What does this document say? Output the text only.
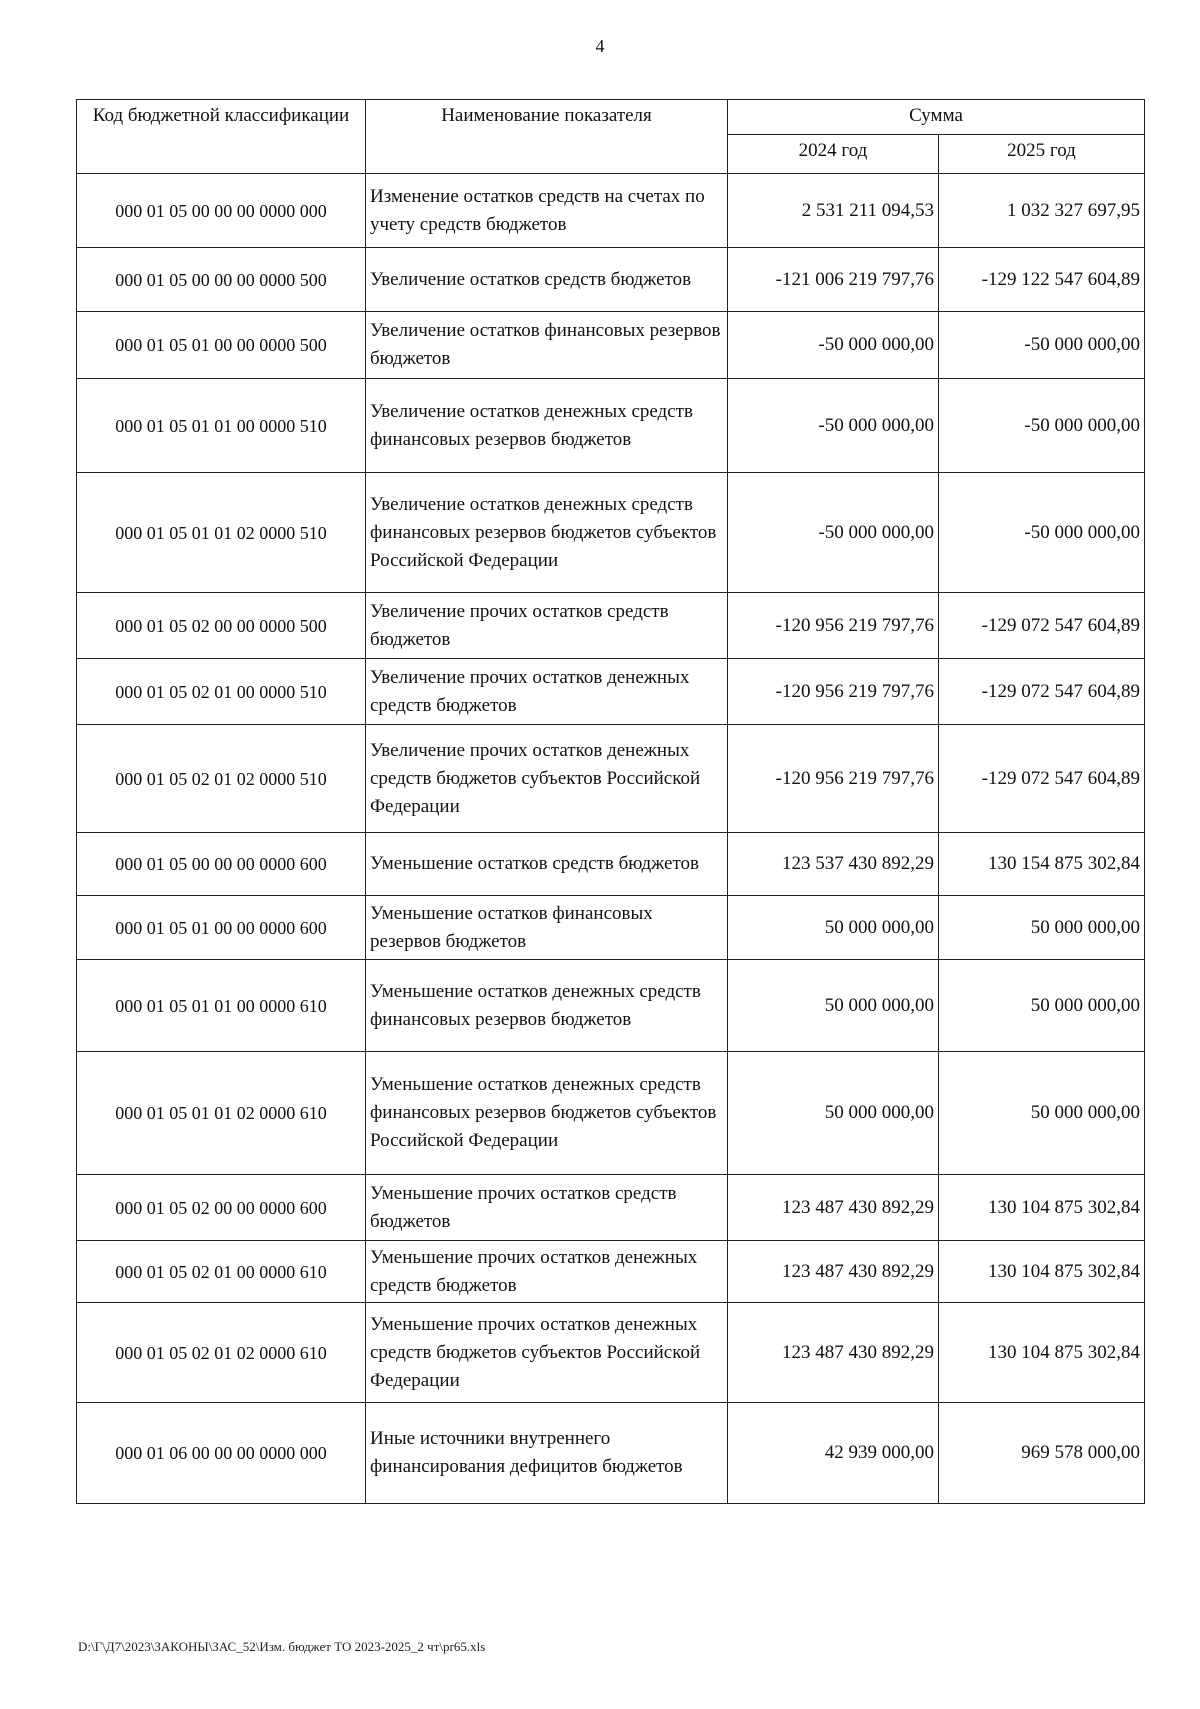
4
Код бюджетной классификации	Наименование показателя	Сумма	
		2024 год	2025 год
000 01 05 00 00 00 0000 000	Изменение остатков средств на счетах по учету средств бюджетов	2 531 211 094,53	1 032 327 697,95
000 01 05 00 00 00 0000 500	Увеличение остатков средств бюджетов	-121 006 219 797,76	-129 122 547 604,89
000 01 05 01 00 00 0000 500	Увеличение остатков финансовых резервов бюджетов	-50 000 000,00	-50 000 000,00
000 01 05 01 01 00 0000 510	Увеличение остатков денежных средств финансовых резервов бюджетов	-50 000 000,00	-50 000 000,00
000 01 05 01 01 02 0000 510	Увеличение остатков денежных средств финансовых резервов бюджетов субъектов Российской Федерации	-50 000 000,00	-50 000 000,00
000 01 05 02 00 00 0000 500	Увеличение прочих остатков средств бюджетов	-120 956 219 797,76	-129 072 547 604,89
000 01 05 02 01 00 0000 510	Увеличение прочих остатков денежных средств бюджетов	-120 956 219 797,76	-129 072 547 604,89
000 01 05 02 01 02 0000 510	Увеличение прочих остатков денежных средств бюджетов субъектов Российской Федерации	-120 956 219 797,76	-129 072 547 604,89
000 01 05 00 00 00 0000 600	Уменьшение остатков средств бюджетов	123 537 430 892,29	130 154 875 302,84
000 01 05 01 00 00 0000 600	Уменьшение остатков финансовых резервов бюджетов	50 000 000,00	50 000 000,00
000 01 05 01 01 00 0000 610	Уменьшение остатков денежных средств финансовых резервов бюджетов	50 000 000,00	50 000 000,00
000 01 05 01 01 02 0000 610	Уменьшение остатков денежных средств финансовых резервов бюджетов субъектов Российской Федерации	50 000 000,00	50 000 000,00
000 01 05 02 00 00 0000 600	Уменьшение прочих остатков средств бюджетов	123 487 430 892,29	130 104 875 302,84
000 01 05 02 01 00 0000 610	Уменьшение прочих остатков денежных средств бюджетов	123 487 430 892,29	130 104 875 302,84
000 01 05 02 01 02 0000 610	Уменьшение прочих остатков денежных средств бюджетов субъектов Российской Федерации	123 487 430 892,29	130 104 875 302,84
000 01 06 00 00 00 0000 000	Иные источники внутреннего финансирования дефицитов бюджетов	42 939 000,00	969 578 000,00
D:\Г\Д7\2023\ЗАКОНЫ\ЗАС_52\Изм. бюджет ТО 2023-2025_2 чт\pr65.xls
